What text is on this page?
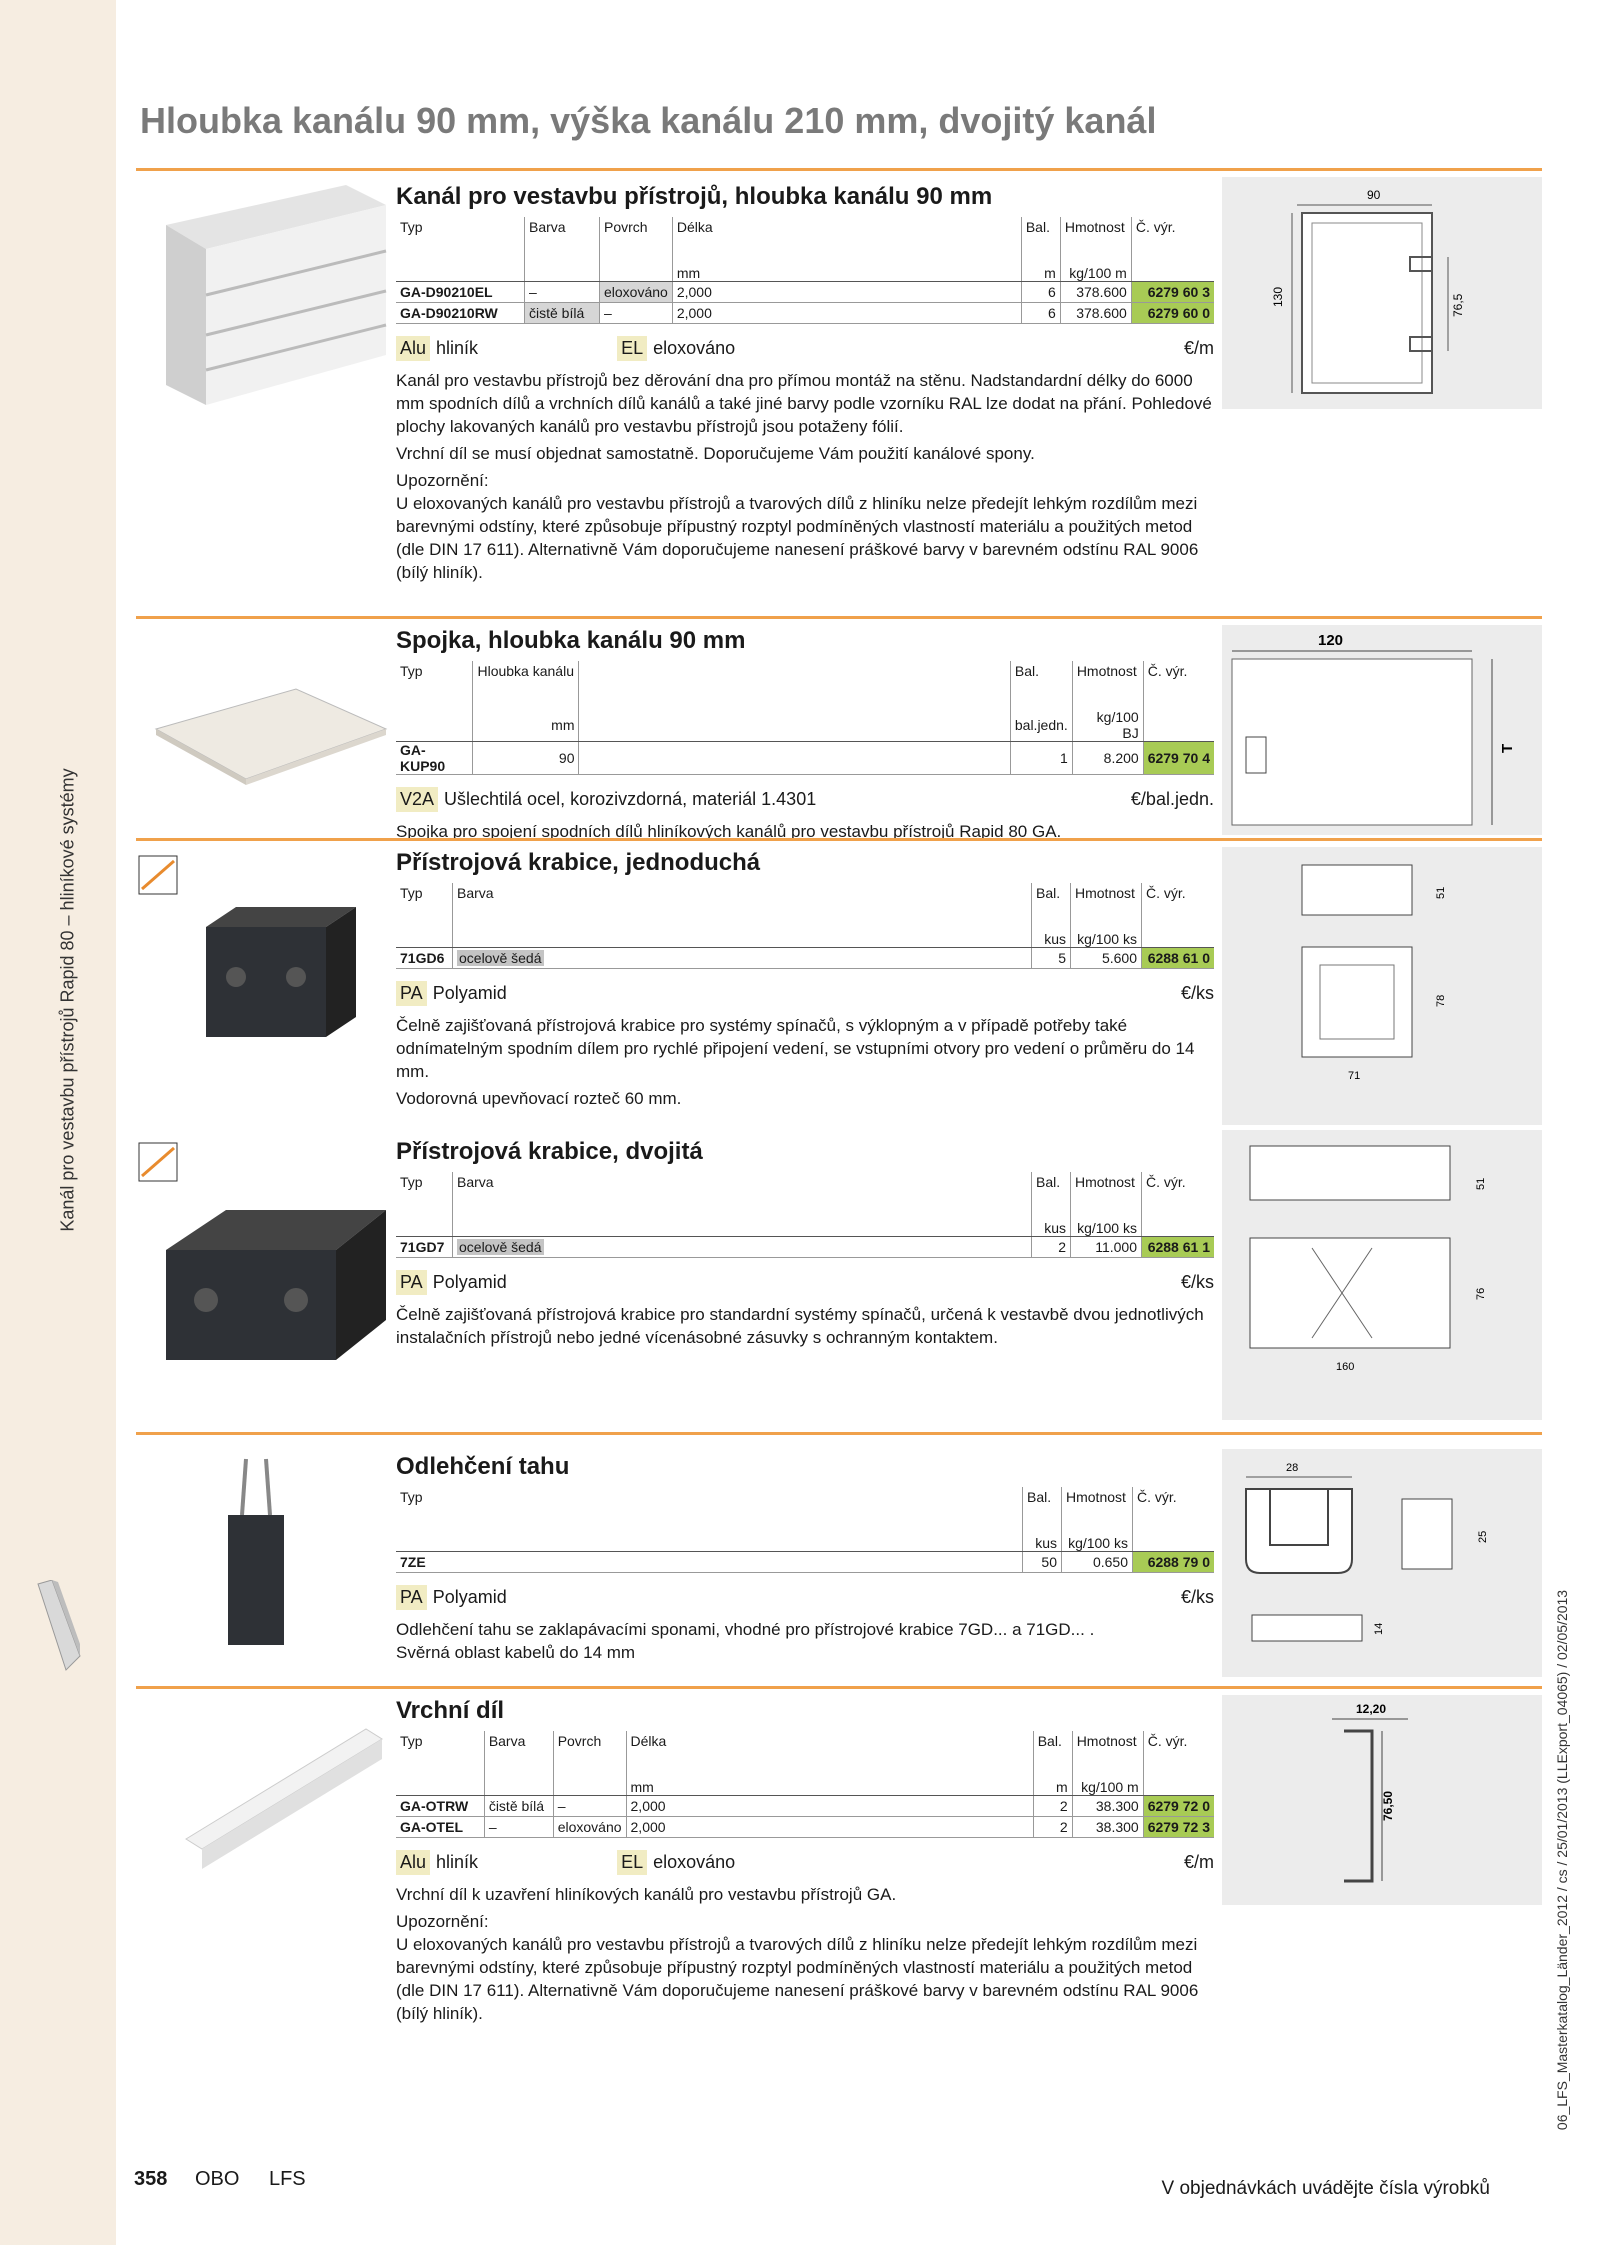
Kanál pro vestavbu přístrojů Rapid 80 – hliníkové systémy
06_LFS_Masterkatalog_Länder_2012 / cs / 25/01/2013 (LLExport_04065) / 02/05/2013
Hloubka kanálu 90 mm, výška kanálu 210 mm, dvojitý kanál
Kanál pro vestavbu přístrojů, hloubka kanálu 90 mm
Typ	Barva	Povrch	Délka	Bal.	Hmotnost	Č. výr.
			mm	m	kg/100 m	
GA-D90210EL	–	eloxováno	2,000	6	378.600	6279 60 3
GA-D90210RW	čistě bílá	–	2,000	6	378.600	6279 60 0
Alu hliník
	EL eloxováno	€/m

Kanál pro vestavbu přístrojů bez děrování dna pro přímou montáž na stěnu. Nadstandardní délky do 6000 mm spodních dílů a vrchních dílů kanálů a také jiné barvy podle vzorníku RAL lze dodat na přání. Pohledové plochy lakovaných kanálů pro vestavbu přístrojů jsou potaženy fólií.

Vrchní díl se musí objednat samostatně. Doporučujeme Vám použití kanálové spony.

Upozornění:
U eloxovaných kanálů pro vestavbu přístrojů a tvarových dílů z hliníku nelze předejít lehkým rozdílům mezi barevnými odstíny, které způsobuje přípustný rozptyl podmíněných vlastností materiálu a použitých metod (dle DIN 17 611). Alternativně Vám doporučujeme nanesení práškové barvy v barevném odstínu RAL 9006 (bílý hliník).

90
130	76,5
Spojka, hloubka kanálu 90 mm
Typ	Hloubka kanálu		Bal.	Hmotnost	Č. výr.
	mm		bal.jedn.	kg/100 BJ	
GA-KUP90	90		1	8.200	6279 70 4
V2A Ušlechtilá ocel, korozivzdorná, materiál 1.4301	€/bal.jedn.

Spojka pro spojení spodních dílů hliníkových kanálů pro vestavbu přístrojů Rapid 80 GA.

120
T
Přístrojová krabice, jednoduchá
Typ	Barva	Bal.	Hmotnost	Č. výr.
		kus	kg/100 ks	
71GD6	ocelově šedá	5	5.600	6288 61 0
PA Polyamid	€/ks

Čelně zajišťovaná přístrojová krabice pro systémy spínačů, s výklopným a v případě potřeby také odnímatelným spodním dílem pro rychlé připojení vedení, se vstupními otvory pro vedení o průměru do 14 mm.

Vodorovná upevňovací rozteč 60 mm.

51
78
71
Přístrojová krabice, dvojitá
Typ	Barva	Bal.	Hmotnost	Č. výr.
		kus	kg/100 ks	
71GD7	ocelově šedá	2	11.000	6288 61 1
PA Polyamid	€/ks

Čelně zajišťovaná přístrojová krabice pro standardní systémy spínačů, určená k vestavbě dvou jednotlivých instalačních přístrojů nebo jedné vícenásobné zásuvky s ochranným kontaktem.

51
76
160
Odlehčení tahu
Typ	Bal.	Hmotnost	Č. výr.
	kus	kg/100 ks	
7ZE	50	0.650	6288 79 0
PA Polyamid	€/ks

Odlehčení tahu se zaklapávacími sponami, vhodné pro přístrojové krabice 7GD... a 71GD... .
Svěrná oblast kabelů do 14 mm

28
25
14
Vrchní díl
Typ	Barva	Povrch	Délka	Bal.	Hmotnost	Č. výr.
			mm	m	kg/100 m	
GA-OTRW	čistě bílá	–	2,000	2	38.300	6279 72 0
GA-OTEL	–	eloxováno	2,000	2	38.300	6279 72 3
Alu hliník
	EL eloxováno	€/m

Vrchní díl k uzavření hliníkových kanálů pro vestavbu přístrojů GA.

Upozornění:
U eloxovaných kanálů pro vestavbu přístrojů a tvarových dílů z hliníku nelze předejít lehkým rozdílům mezi barevnými odstíny, které způsobuje přípustný rozptyl podmíněných vlastností materiálu a použitých metod (dle DIN 17 611). Alternativně Vám doporučujeme nanesení práškové barvy v barevném odstínu RAL 9006 (bílý hliník).

12,20
76,50
358 OBO LFS	V objednávkách uvádějte čísla výrobků
